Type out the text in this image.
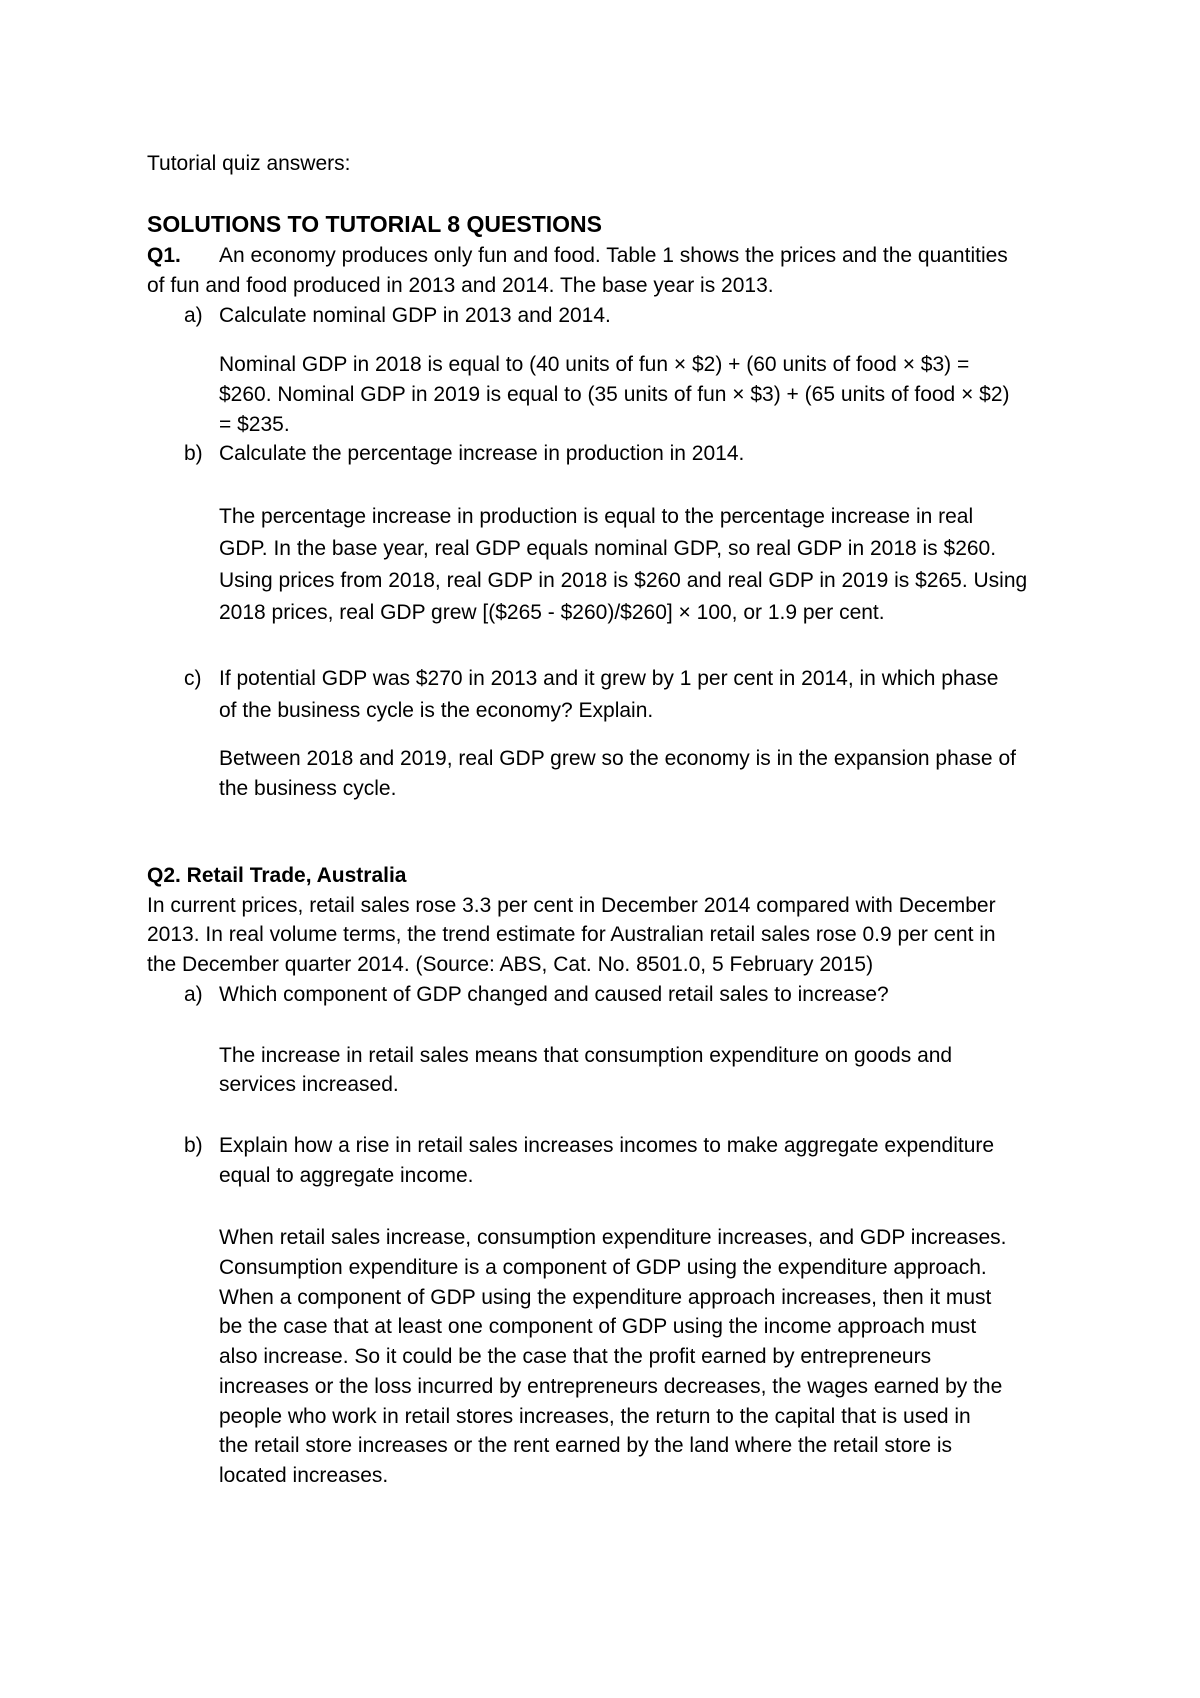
Tutorial quiz answers:
SOLUTIONS TO TUTORIAL 8 QUESTIONS
Q1. An economy produces only fun and food. Table 1 shows the prices and the quantities
of fun and food produced in 2013 and 2014. The base year is 2013.
a) Calculate nominal GDP in 2013 and 2014.
Nominal GDP in 2018 is equal to (40 units of fun × $2) + (60 units of food × $3) =
$260. Nominal GDP in 2019 is equal to (35 units of fun × $3) + (65 units of food × $2)
= $235.
b) Calculate the percentage increase in production in 2014.
The percentage increase in production is equal to the percentage increase in real
GDP. In the base year, real GDP equals nominal GDP, so real GDP in 2018 is $260.
Using prices from 2018, real GDP in 2018 is $260 and real GDP in 2019 is $265. Using
2018 prices, real GDP grew [($265 - $260)/$260] × 100, or 1.9 per cent.
c) If potential GDP was $270 in 2013 and it grew by 1 per cent in 2014, in which phase
of the business cycle is the economy? Explain.
Between 2018 and 2019, real GDP grew so the economy is in the expansion phase of
the business cycle.
Q2. Retail Trade, Australia
In current prices, retail sales rose 3.3 per cent in December 2014 compared with December
2013. In real volume terms, the trend estimate for Australian retail sales rose 0.9 per cent in
the December quarter 2014. (Source: ABS, Cat. No. 8501.0, 5 February 2015)
a) Which component of GDP changed and caused retail sales to increase?
The increase in retail sales means that consumption expenditure on goods and
services increased.
b) Explain how a rise in retail sales increases incomes to make aggregate expenditure
equal to aggregate income.
When retail sales increase, consumption expenditure increases, and GDP increases.
Consumption expenditure is a component of GDP using the expenditure approach.
When a component of GDP using the expenditure approach increases, then it must
be the case that at least one component of GDP using the income approach must
also increase. So it could be the case that the profit earned by entrepreneurs
increases or the loss incurred by entrepreneurs decreases, the wages earned by the
people who work in retail stores increases, the return to the capital that is used in
the retail store increases or the rent earned by the land where the retail store is
located increases.
